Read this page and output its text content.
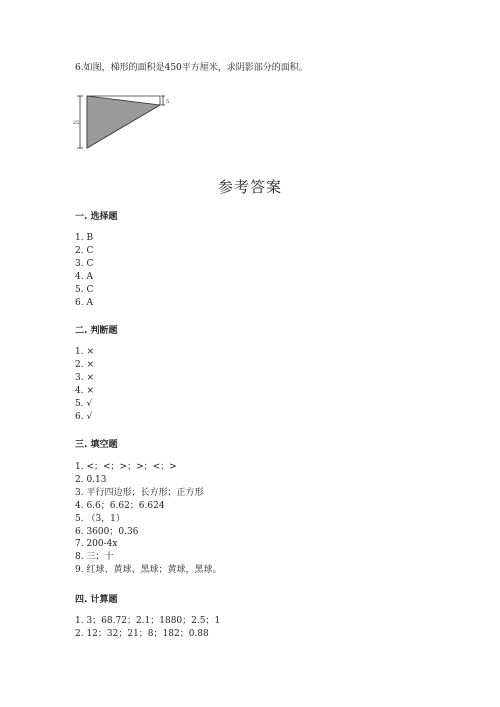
6.如图，梯形的面积是450平方厘米，求阴影部分的面积。
25
5
参考答案
一. 选择题
1. B
2. C
3. C
4. A
5. C
6. A
二. 判断题
1. ×
2. ×
3. ×
4. ×
5. √
6. √
三. 填空题
1. <；<；>；>；<；>
2. 0.13
3. 平行四边形；长方形；正方形
4. 6.6；6.62；6.624
5. （3，1）
6. 3600；0.36
7. 200-4x
8. 三；十
9. 红球、黄球、黑球；黄球，黑球。
四. 计算题
1. 3；68.72；2.1；1880；2.5；1
2. 12；32；21；8；182；0.88
